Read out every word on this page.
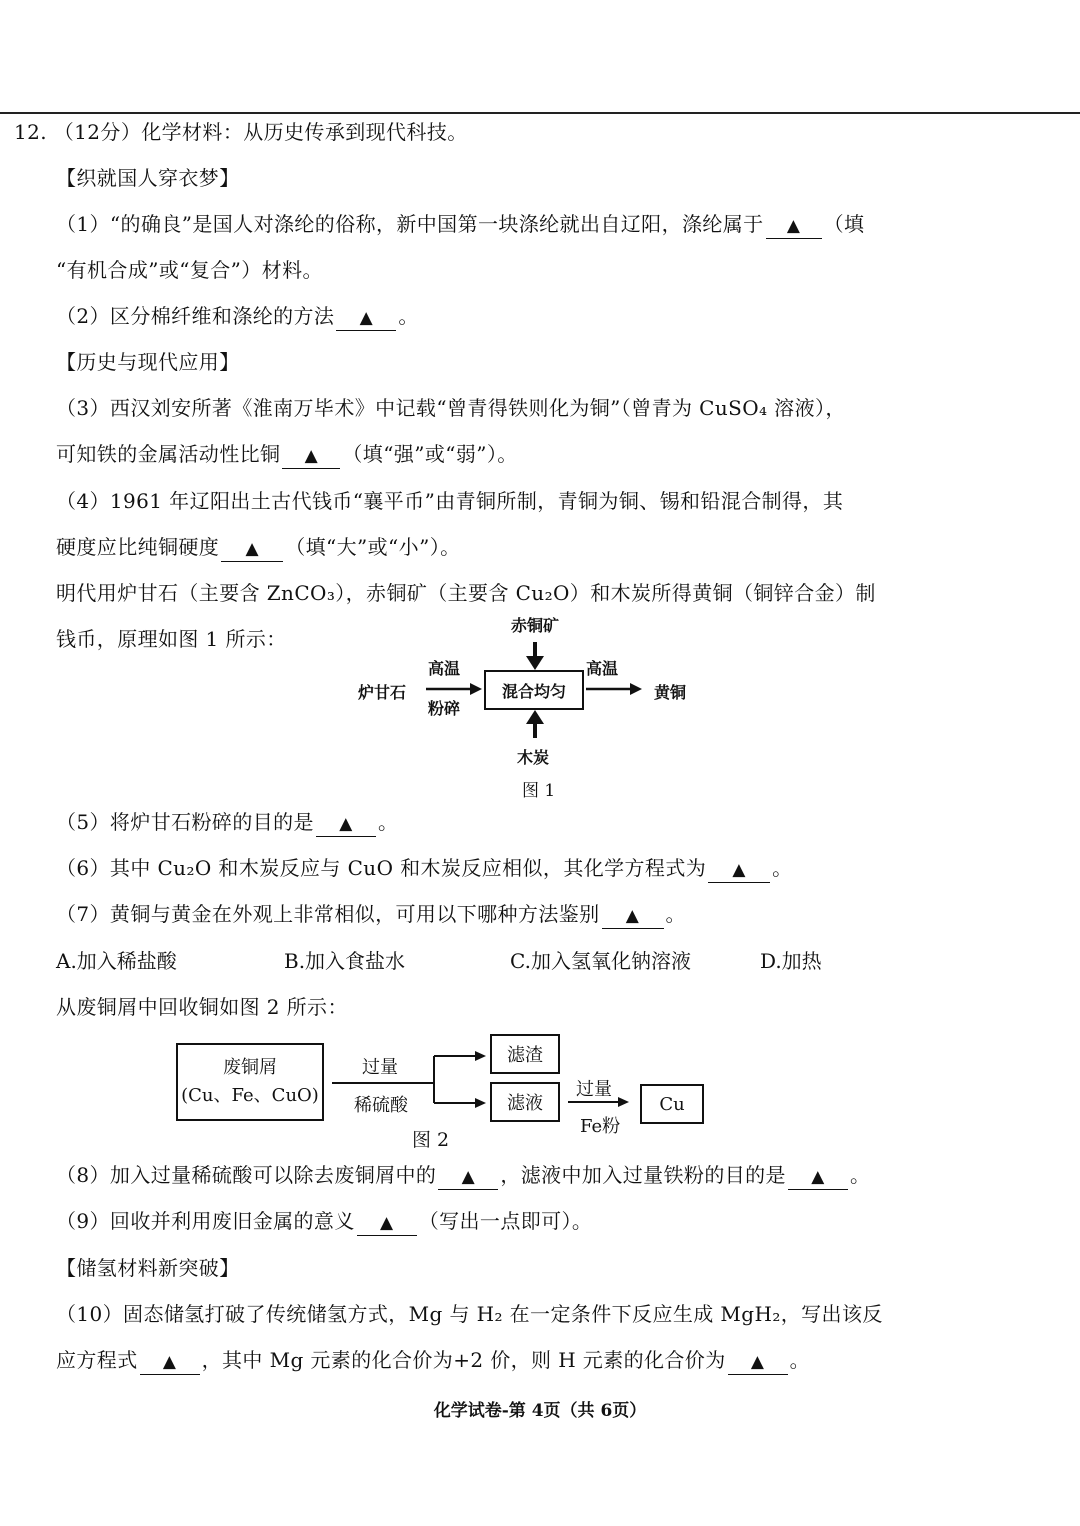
12. （12分）化学材料：从历史传承到现代科技。
【织就国人穿衣梦】
（1）“的确良”是国人对涤纶的俗称，新中国第一块涤纶就出自辽阳，涤纶属于 ▲ （填
“有机合成”或“复合”）材料。
（2）区分棉纤维和涤纶的方法 ▲ 。
【历史与现代应用】
（3）西汉刘安所著《淮南万毕术》中记载“曾青得铁则化为铜”（曾青为 CuSO₄ 溶液），
可知铁的金属活动性比铜 ▲ （填“强”或“弱”）。
（4）1961 年辽阳出土古代钱币“襄平币”由青铜所制，青铜为铜、锡和铅混合制得，其
硬度应比纯铜硬度 ▲ （填“大”或“小”）。
明代用炉甘石（主要含 ZnCO₃），赤铜矿（主要含 Cu₂O）和木炭所得黄铜（铜锌合金）制
钱币，原理如图 1 所示：
赤铜矿
炉甘石
高温
粉碎
混合均匀
高温
黄铜
木炭
图 1
（5）将炉甘石粉碎的目的是 ▲ 。
（6）其中 Cu₂O 和木炭反应与 CuO 和木炭反应相似，其化学方程式为 ▲ 。
（7）黄铜与黄金在外观上非常相似，可用以下哪种方法鉴别 ▲ 。
A.加入稀盐酸	B.加入食盐水	C.加入氢氧化钠溶液	D.加热
从废铜屑中回收铜如图 2 所示：
废铜屑
(Cu、Fe、CuO)
过量
稀硫酸
滤渣
滤液
过量
Fe粉
Cu
图 2
（8）加入过量稀硫酸可以除去废铜屑中的 ▲ ，滤液中加入过量铁粉的目的是 ▲ 。
（9）回收并利用废旧金属的意义 ▲ （写出一点即可）。
【储氢材料新突破】
（10）固态储氢打破了传统储氢方式，Mg 与 H₂ 在一定条件下反应生成 MgH₂，写出该反
应方程式 ▲ ，其中 Mg 元素的化合价为+2 价，则 H 元素的化合价为 ▲ 。
化学试卷-第 4页（共 6页）
